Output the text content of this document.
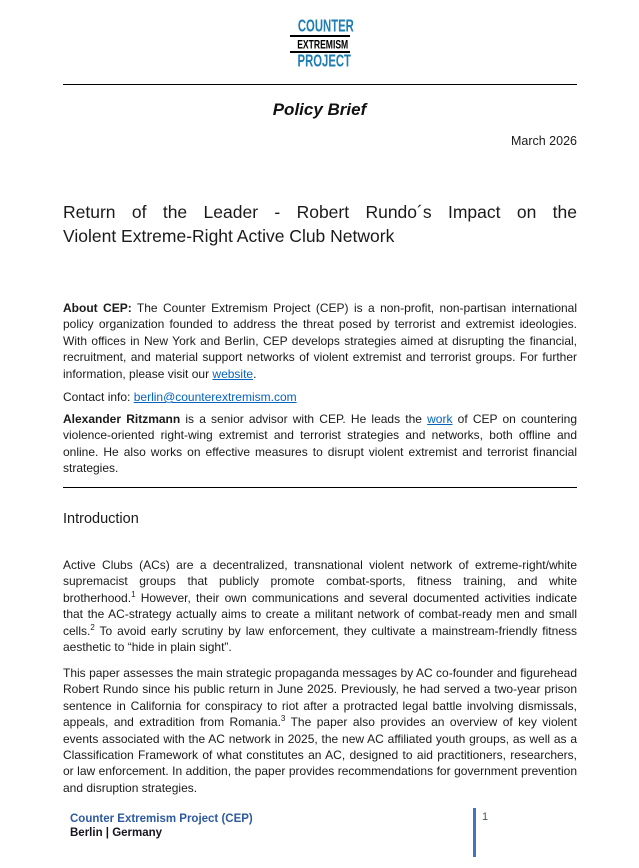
COUNTER
EXTREMISM
PROJECT
Policy Brief
March 2026
Return of the Leader - Robert Rundo´s Impact on the
Violent Extreme-Right Active Club Network

About CEP: The Counter Extremism Project (CEP) is a non-profit, non-partisan international policy organization founded to address the threat posed by terrorist and extremist ideologies. With offices in New York and Berlin, CEP develops strategies aimed at disrupting the financial, recruitment, and material support networks of violent extremist and terrorist groups. For further information, please visit our website.

Contact info: berlin@counterextremism.com

Alexander Ritzmann is a senior advisor with CEP. He leads the work of CEP on countering violence-oriented right-wing extremist and terrorist strategies and networks, both offline and online. He also works on effective measures to disrupt violent extremist and terrorist financial strategies.

Introduction

Active Clubs (ACs) are a decentralized, transnational violent network of extreme-right/white supremacist groups that publicly promote combat-sports, fitness training, and white brotherhood.$^1$ However, their own communications and several documented activities indicate that the AC-strategy actually aims to create a militant network of combat-ready men and small cells.$^2$ To avoid early scrutiny by law enforcement, they cultivate a mainstream-friendly fitness aesthetic to “hide in plain sight”.

This paper assesses the main strategic propaganda messages by AC co-founder and figurehead Robert Rundo since his public return in June 2025. Previously, he had served a two-year prison sentence in California for conspiracy to riot after a protracted legal battle involving dismissals, appeals, and extradition from Romania.$^3$ The paper also provides an overview of key violent events associated with the AC network in 2025, the new AC affiliated youth groups, as well as a Classification Framework of what constitutes an AC, designed to aid practitioners, researchers, or law enforcement. In addition, the paper provides recommendations for government prevention and disruption strategies.

Counter Extremism Project (CEP)
Berlin | Germany
1
